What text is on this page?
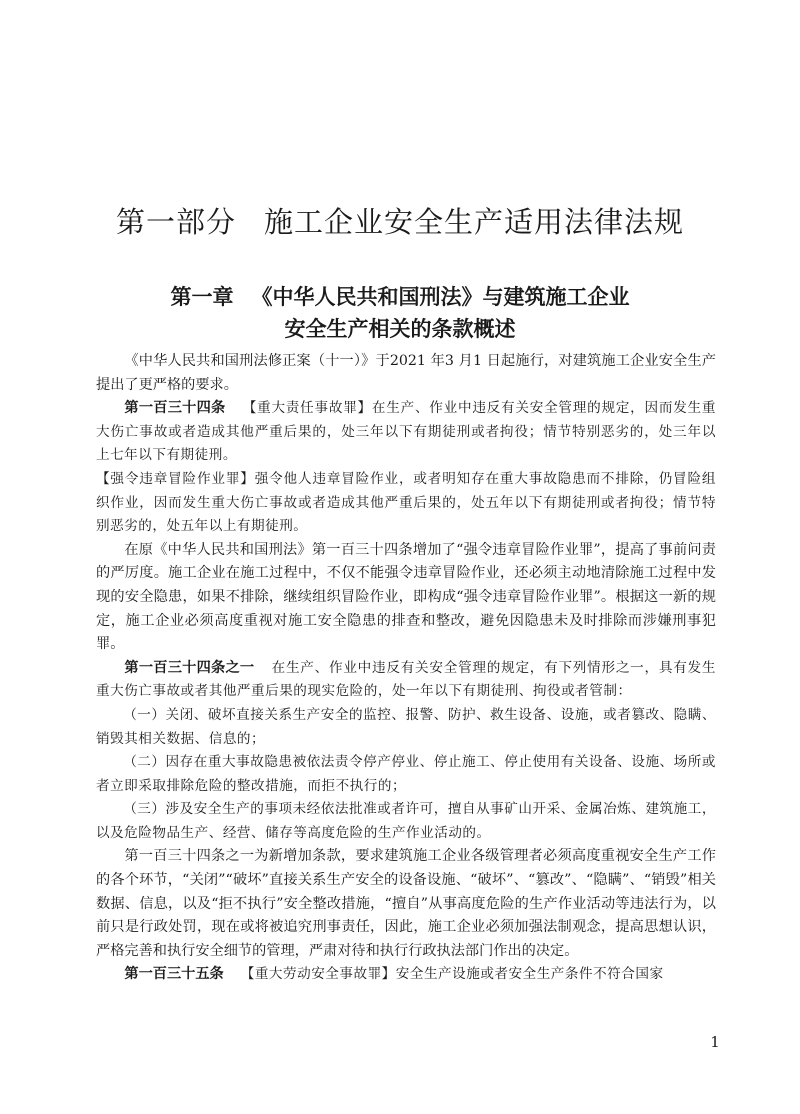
第一部分 施工企业安全生产适用法律法规
第一章 《中华人民共和国刑法》与建筑施工企业
安全生产相关的条款概述

《中华人民共和国刑法修正案（十一）》于2021 年3 月1 日起施行，对建筑施工企业安全生产提出了更严格的要求。

第一百三十四条 【重大责任事故罪】在生产、作业中违反有关安全管理的规定，因而发生重大伤亡事故或者造成其他严重后果的，处三年以下有期徒刑或者拘役；情节特别恶劣的，处三年以上七年以下有期徒刑。

【强令违章冒险作业罪】强令他人违章冒险作业，或者明知存在重大事故隐患而不排除，仍冒险组织作业，因而发生重大伤亡事故或者造成其他严重后果的，处五年以下有期徒刑或者拘役；情节特别恶劣的，处五年以上有期徒刑。

在原《中华人民共和国刑法》第一百三十四条增加了“强令违章冒险作业罪”，提高了事前问责的严厉度。施工企业在施工过程中，不仅不能强令违章冒险作业，还必须主动地清除施工过程中发现的安全隐患，如果不排除，继续组织冒险作业，即构成“强令违章冒险作业罪”。根据这一新的规定，施工企业必须高度重视对施工安全隐患的排查和整改，避免因隐患未及时排除而涉嫌刑事犯罪。

第一百三十四条之一 在生产、作业中违反有关安全管理的规定，有下列情形之一，具有发生重大伤亡事故或者其他严重后果的现实危险的，处一年以下有期徒刑、拘役或者管制：

（一）关闭、破坏直接关系生产安全的监控、报警、防护、救生设备、设施，或者篡改、隐瞒、销毁其相关数据、信息的；

（二）因存在重大事故隐患被依法责令停产停业、停止施工、停止使用有关设备、设施、场所或者立即采取排除危险的整改措施，而拒不执行的；

（三）涉及安全生产的事项未经依法批准或者许可，擅自从事矿山开采、金属冶炼、建筑施工，以及危险物品生产、经营、储存等高度危险的生产作业活动的。

第一百三十四条之一为新增加条款，要求建筑施工企业各级管理者必须高度重视安全生产工作的各个环节，“关闭”“破坏”直接关系生产安全的设备设施、“破坏”、“篡改”、“隐瞒”、“销毁”相关数据、信息，以及“拒不执行”安全整改措施，“擅自”从事高度危险的生产作业活动等违法行为，以前只是行政处罚，现在或将被追究刑事责任，因此，施工企业必须加强法制观念，提高思想认识，严格完善和执行安全细节的管理，严肃对待和执行行政执法部门作出的决定。

第一百三十五条 【重大劳动安全事故罪】安全生产设施或者安全生产条件不符合国家

1
